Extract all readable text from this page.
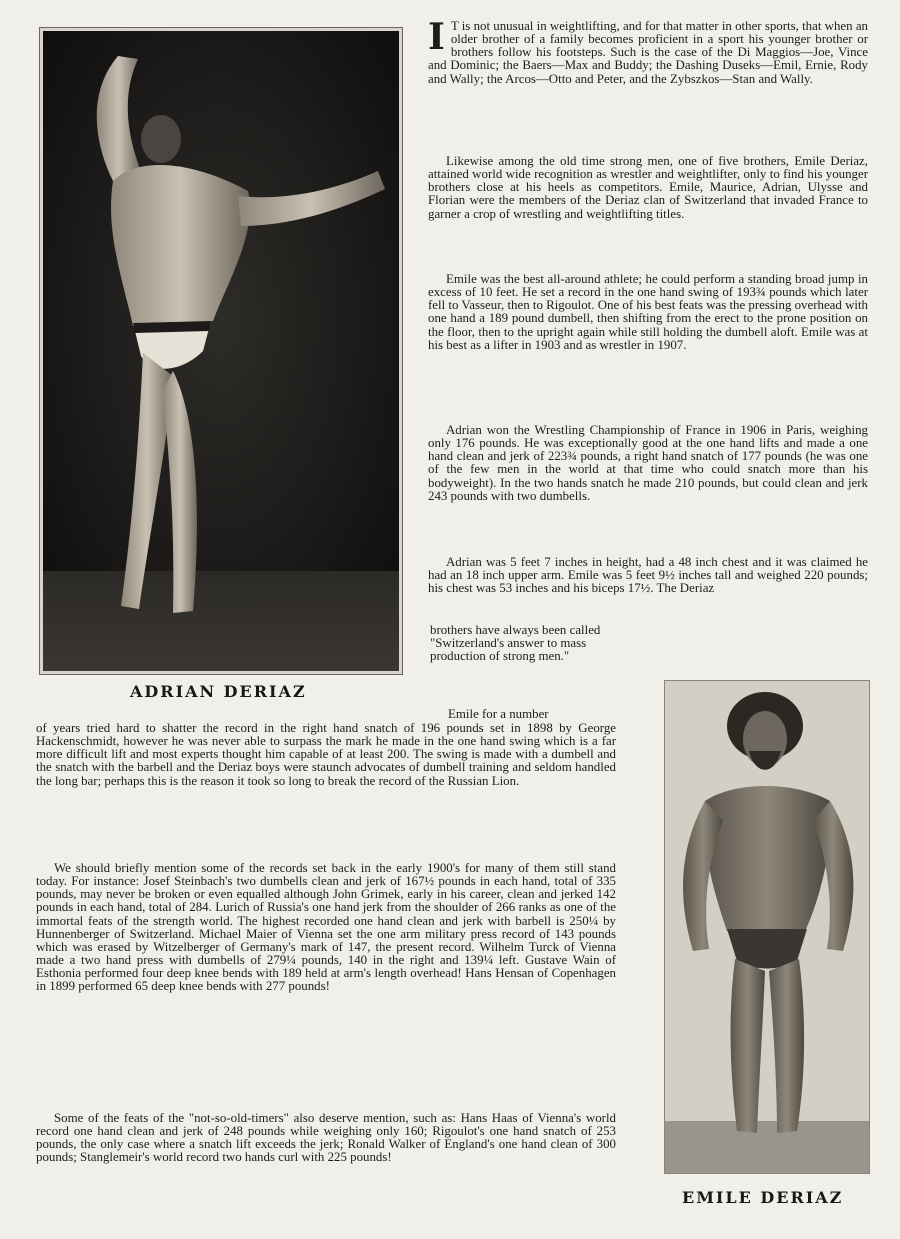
ADRIAN DERIAZ
EMILE DERIAZ

I T is not unusual in weightlifting, and for that matter in other sports, that when an older brother of a family becomes proficient in a sport his younger brother or brothers follow his footsteps. Such is the case of the Di Maggios—Joe, Vince and Dominic; the Baers—Max and Buddy; the Dashing Duseks—Emil, Ernie, Rody and Wally; the Arcos—Otto and Peter, and the Zybszkos—Stan and Wally.

Likewise among the old time strong men, one of five brothers, Emile Deriaz, attained world wide recognition as wrestler and weightlifter, only to find his younger brothers close at his heels as competitors. Emile, Maurice, Adrian, Ulysse and Florian were the members of the Deriaz clan of Switzerland that invaded France to garner a crop of wrestling and weightlifting titles.

Emile was the best all-around athlete; he could perform a standing broad jump in excess of 10 feet. He set a record in the one hand swing of 193¾ pounds which later fell to Vasseur, then to Rigoulot. One of his best feats was the pressing overhead with one hand a 189 pound dumbell, then shifting from the erect to the prone position on the floor, then to the upright again while still holding the dumbell aloft. Emile was at his best as a lifter in 1903 and as wrestler in 1907.

Adrian won the Wrestling Championship of France in 1906 in Paris, weighing only 176 pounds. He was exceptionally good at the one hand lifts and made a one hand clean and jerk of 223¾ pounds, a right hand snatch of 177 pounds (he was one of the few men in the world at that time who could snatch more than his bodyweight). In the two hands snatch he made 210 pounds, but could clean and jerk 243 pounds with two dumbells.

Adrian was 5 feet 7 inches in height, had a 48 inch chest and it was claimed he had an 18 inch upper arm. Emile was 5 feet 9½ inches tall and weighed 220 pounds; his chest was 53 inches and his biceps 17½. The Deriaz

brothers have always been called "Switzerland's answer to mass production of strong men."

Emile for a number

of years tried hard to shatter the record in the right hand snatch of 196 pounds set in 1898 by George Hackenschmidt, however he was never able to surpass the mark he made in the one hand swing which is a far more difficult lift and most experts thought him capable of at least 200. The swing is made with a dumbell and the snatch with the barbell and the Deriaz boys were staunch advocates of dumbell training and seldom handled the long bar; perhaps this is the reason it took so long to break the record of the Russian Lion.

We should briefly mention some of the records set back in the early 1900's for many of them still stand today. For instance: Josef Steinbach's two dumbells clean and jerk of 167½ pounds in each hand, total of 335 pounds, may never be broken or even equalled although John Grimek, early in his career, clean and jerked 142 pounds in each hand, total of 284. Lurich of Russia's one hand jerk from the shoulder of 266 ranks as one of the immortal feats of the strength world. The highest recorded one hand clean and jerk with barbell is 250¼ by Hunnenberger of Switzerland. Michael Maier of Vienna set the one arm military press record of 143 pounds which was erased by Witzelberger of Germany's mark of 147, the present record. Wilhelm Turck of Vienna made a two hand press with dumbells of 279¼ pounds, 140 in the right and 139¼ left. Gustave Wain of Esthonia performed four deep knee bends with 189 held at arm's length overhead! Hans Hensan of Copenhagen in 1899 performed 65 deep knee bends with 277 pounds!

Some of the feats of the "not-so-old-timers" also deserve mention, such as: Hans Haas of Vienna's world record one hand clean and jerk of 248 pounds while weighing only 160; Rigoulot's one hand snatch of 253 pounds, the only case where a snatch lift exceeds the jerk; Ronald Walker of England's one hand clean of 300 pounds; Stanglemeir's world record two hands curl with 225 pounds!
